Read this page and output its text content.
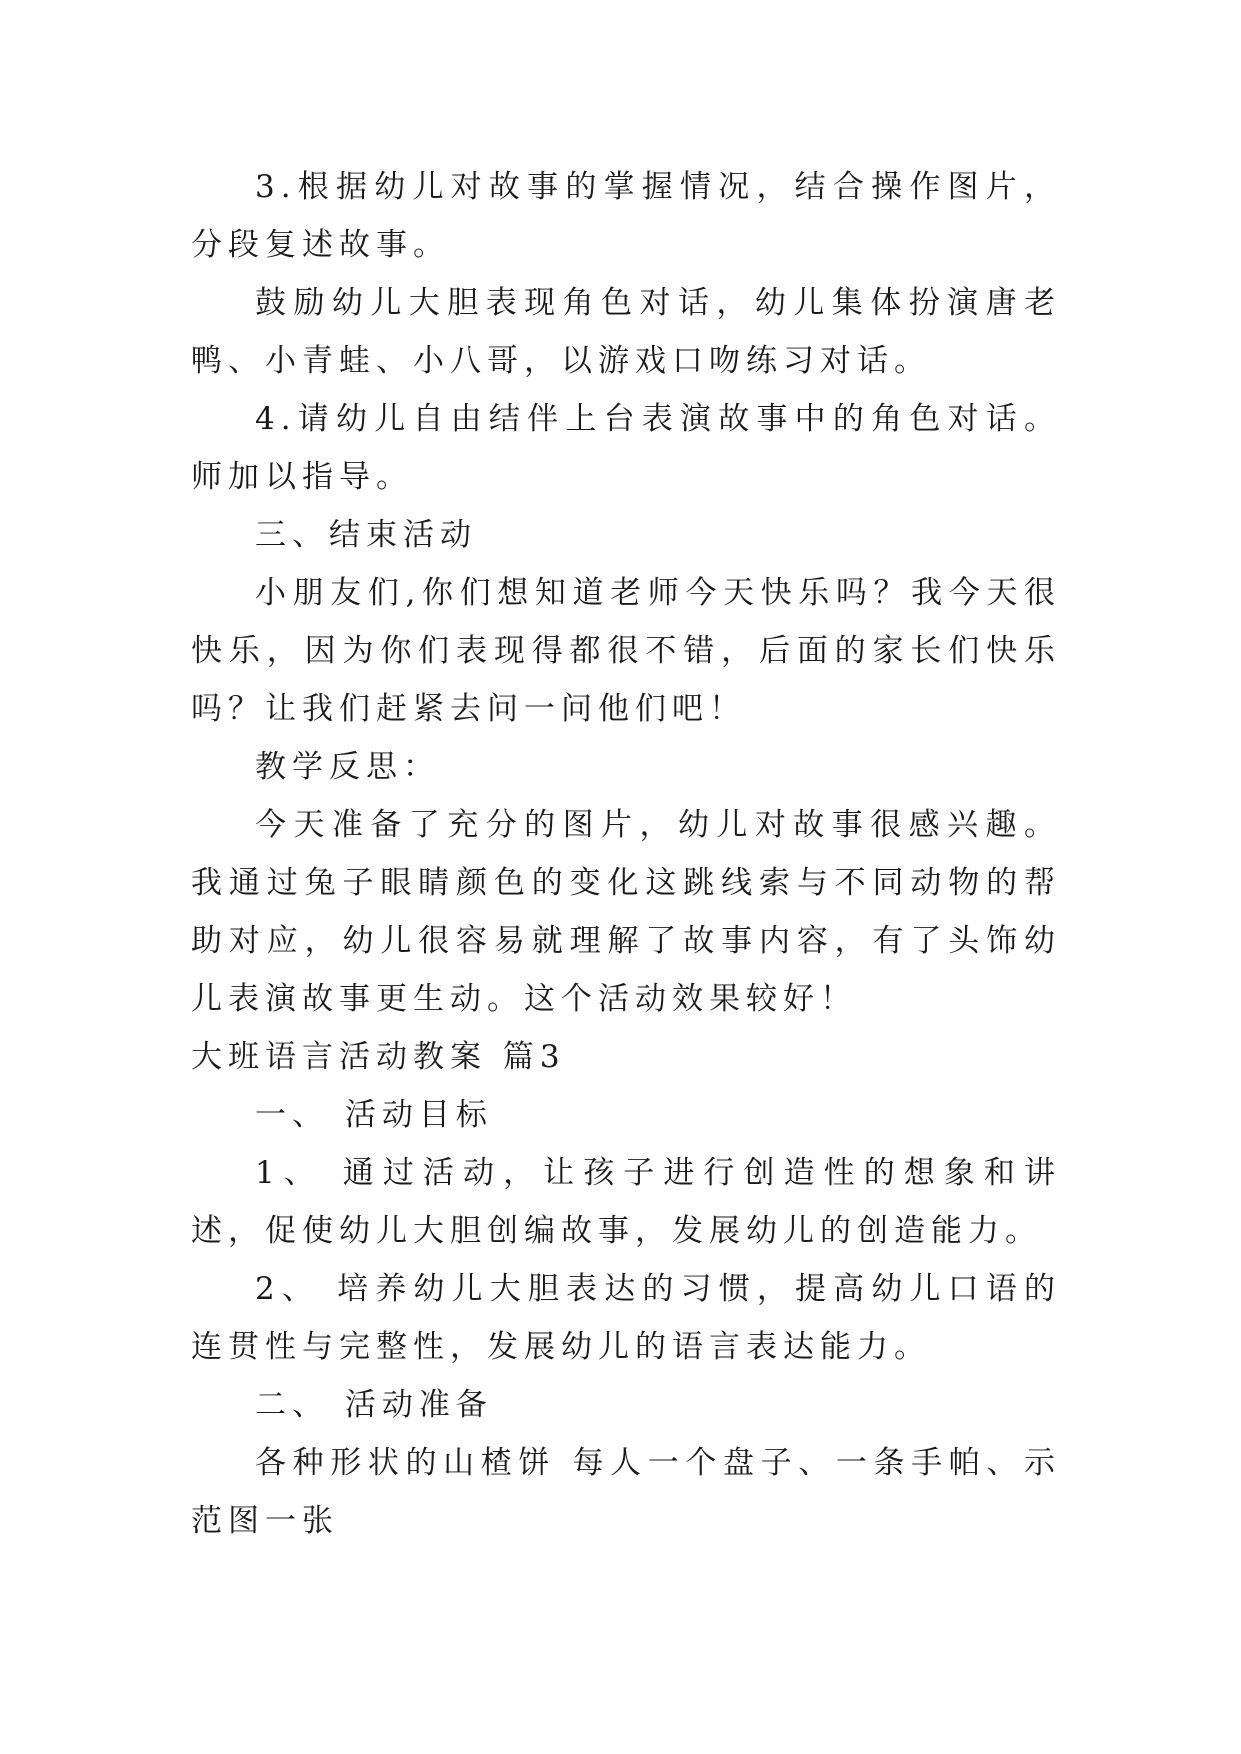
3.根据幼儿对故事的掌握情况，结合操作图片，分段复述故事。

鼓励幼儿大胆表现角色对话，幼儿集体扮演唐老鸭、小青蛙、小八哥，以游戏口吻练习对话。

4.请幼儿自由结伴上台表演故事中的角色对话。师加以指导。

三、结束活动

小朋友们,你们想知道老师今天快乐吗？我今天很快乐，因为你们表现得都很不错，后面的家长们快乐吗？让我们赶紧去问一问他们吧！

教学反思：

今天准备了充分的图片，幼儿对故事很感兴趣。我通过兔子眼睛颜色的变化这跳线索与不同动物的帮助对应，幼儿很容易就理解了故事内容，有了头饰幼儿表演故事更生动。这个活动效果较好！

大班语言活动教案 篇3

一、 活动目标

1、 通过活动，让孩子进行创造性的想象和讲述，促使幼儿大胆创编故事，发展幼儿的创造能力。

2、 培养幼儿大胆表达的习惯，提高幼儿口语的连贯性与完整性，发展幼儿的语言表达能力。

二、 活动准备

各种形状的山楂饼 每人一个盘子、一条手帕、示范图一张
